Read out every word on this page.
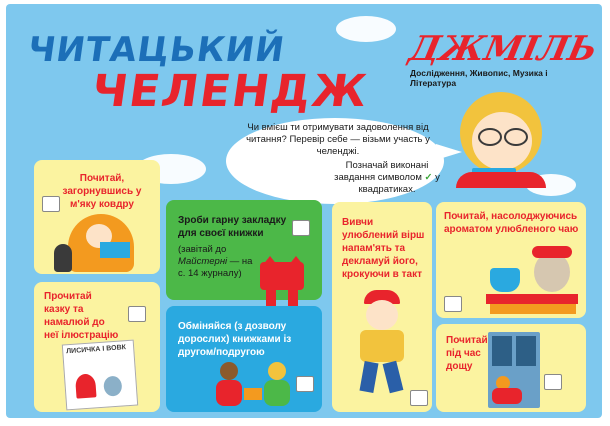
ЧИТАЦЬКИЙ
ЧЕЛЕНДЖ
ДЖМІЛЬ
Дослідження, Живопис, Музика і Література
Чи вмієш ти отримувати задоволення від читання? Перевір себе — візьми участь у челенджі.
Позначай виконані завдання символом ✓ у квадратиках.
Почитай, загорнувшись у м'яку ковдру
Прочитай казку та намалюй до неї ілюстрацію
ЛИСИЧКА І ВОВК
Зроби гарну закладку для своєї книжки
(завітай до Майстерні — на с. 14 журналу)
Обміняйся (з дозволу дорослих) книжками із другом/подругою
Вивчи улюблений вірш напам'ять та декламуй його, крокуючи в такт
Почитай, насолоджуючись ароматом улюбленого чаю
Почитай під час дощу
